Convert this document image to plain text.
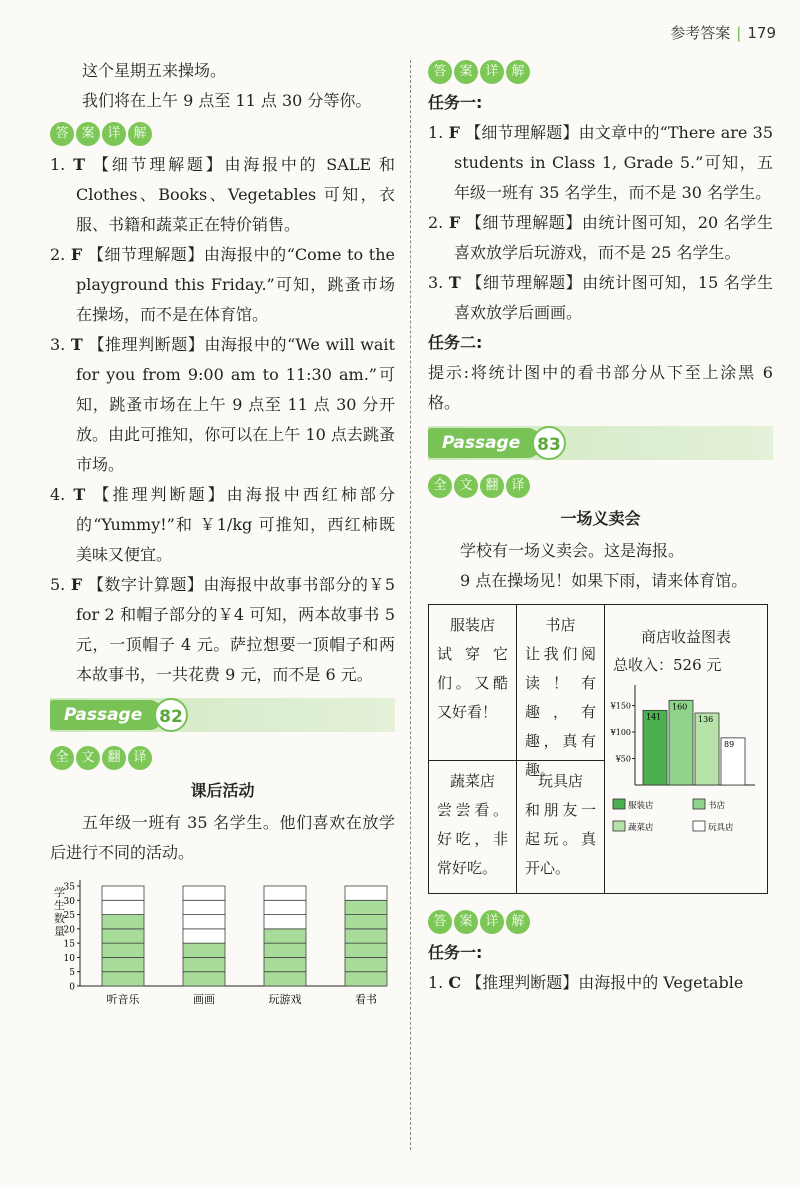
参考答案 | 179

这个星期五来操场。

我们将在上午 9 点至 11 点 30 分等你。

答 案 详 解

1. T 【细节理解题】由海报中的 SALE 和 Clothes、Books、Vegetables 可知，衣服、书籍和蔬菜正在特价销售。

2. F 【细节理解题】由海报中的“Come to the playground this Friday.”可知，跳蚤市场在操场，而不是在体育馆。

3. T 【推理判断题】由海报中的“We will wait for you from 9:00 am to 11:30 am.”可知，跳蚤市场在上午 9 点至 11 点 30 分开放。由此可推知，你可以在上午 10 点去跳蚤市场。

4. T 【推理判断题】由海报中西红柿部分的“Yummy!”和 ￥1/kg 可推知，西红柿既美味又便宜。

5. F 【数字计算题】由海报中故事书部分的￥5 for 2 和帽子部分的￥4 可知，两本故事书 5 元，一顶帽子 4 元。萨拉想要一顶帽子和两本故事书，一共花费 9 元，而不是 6 元。

Passage 82
全 文 翻 译
课后活动

五年级一班有 35 名学生。他们喜欢在放学后进行不同的活动。

学
生
数
量
0
5
10
15
20
25
30
35
听音乐	画画	玩游戏	看书
答 案 详 解
任务一:

1. F 【细节理解题】由文章中的“There are 35 students in Class 1, Grade 5.”可知，五年级一班有 35 名学生，而不是 30 名学生。

2. F 【细节理解题】由统计图可知，20 名学生喜欢放学后玩游戏，而不是 25 名学生。

3. T 【细节理解题】由统计图可知，15 名学生喜欢放学后画画。

任务二:

提示:将统计图中的看书部分从下至上涂黑 6 格。

Passage 83
全 文 翻 译
一场义卖会

学校有一场义卖会。这是海报。

9 点在操场见！如果下雨，请来体育馆。

服装店

试穿它们。又酷又好看！

书店

让我们阅读！有趣，有趣，真有趣。

蔬菜店

尝尝看。好吃，非常好吃。

玩具店

和朋友一起玩。真开心。

商店收益图表
总收入：526 元
¥50
¥100
¥150
141
160
136
89
服装店	书店
蔬菜店	玩具店
答 案 详 解
任务一:

1. C 【推理判断题】由海报中的 Vegetable
